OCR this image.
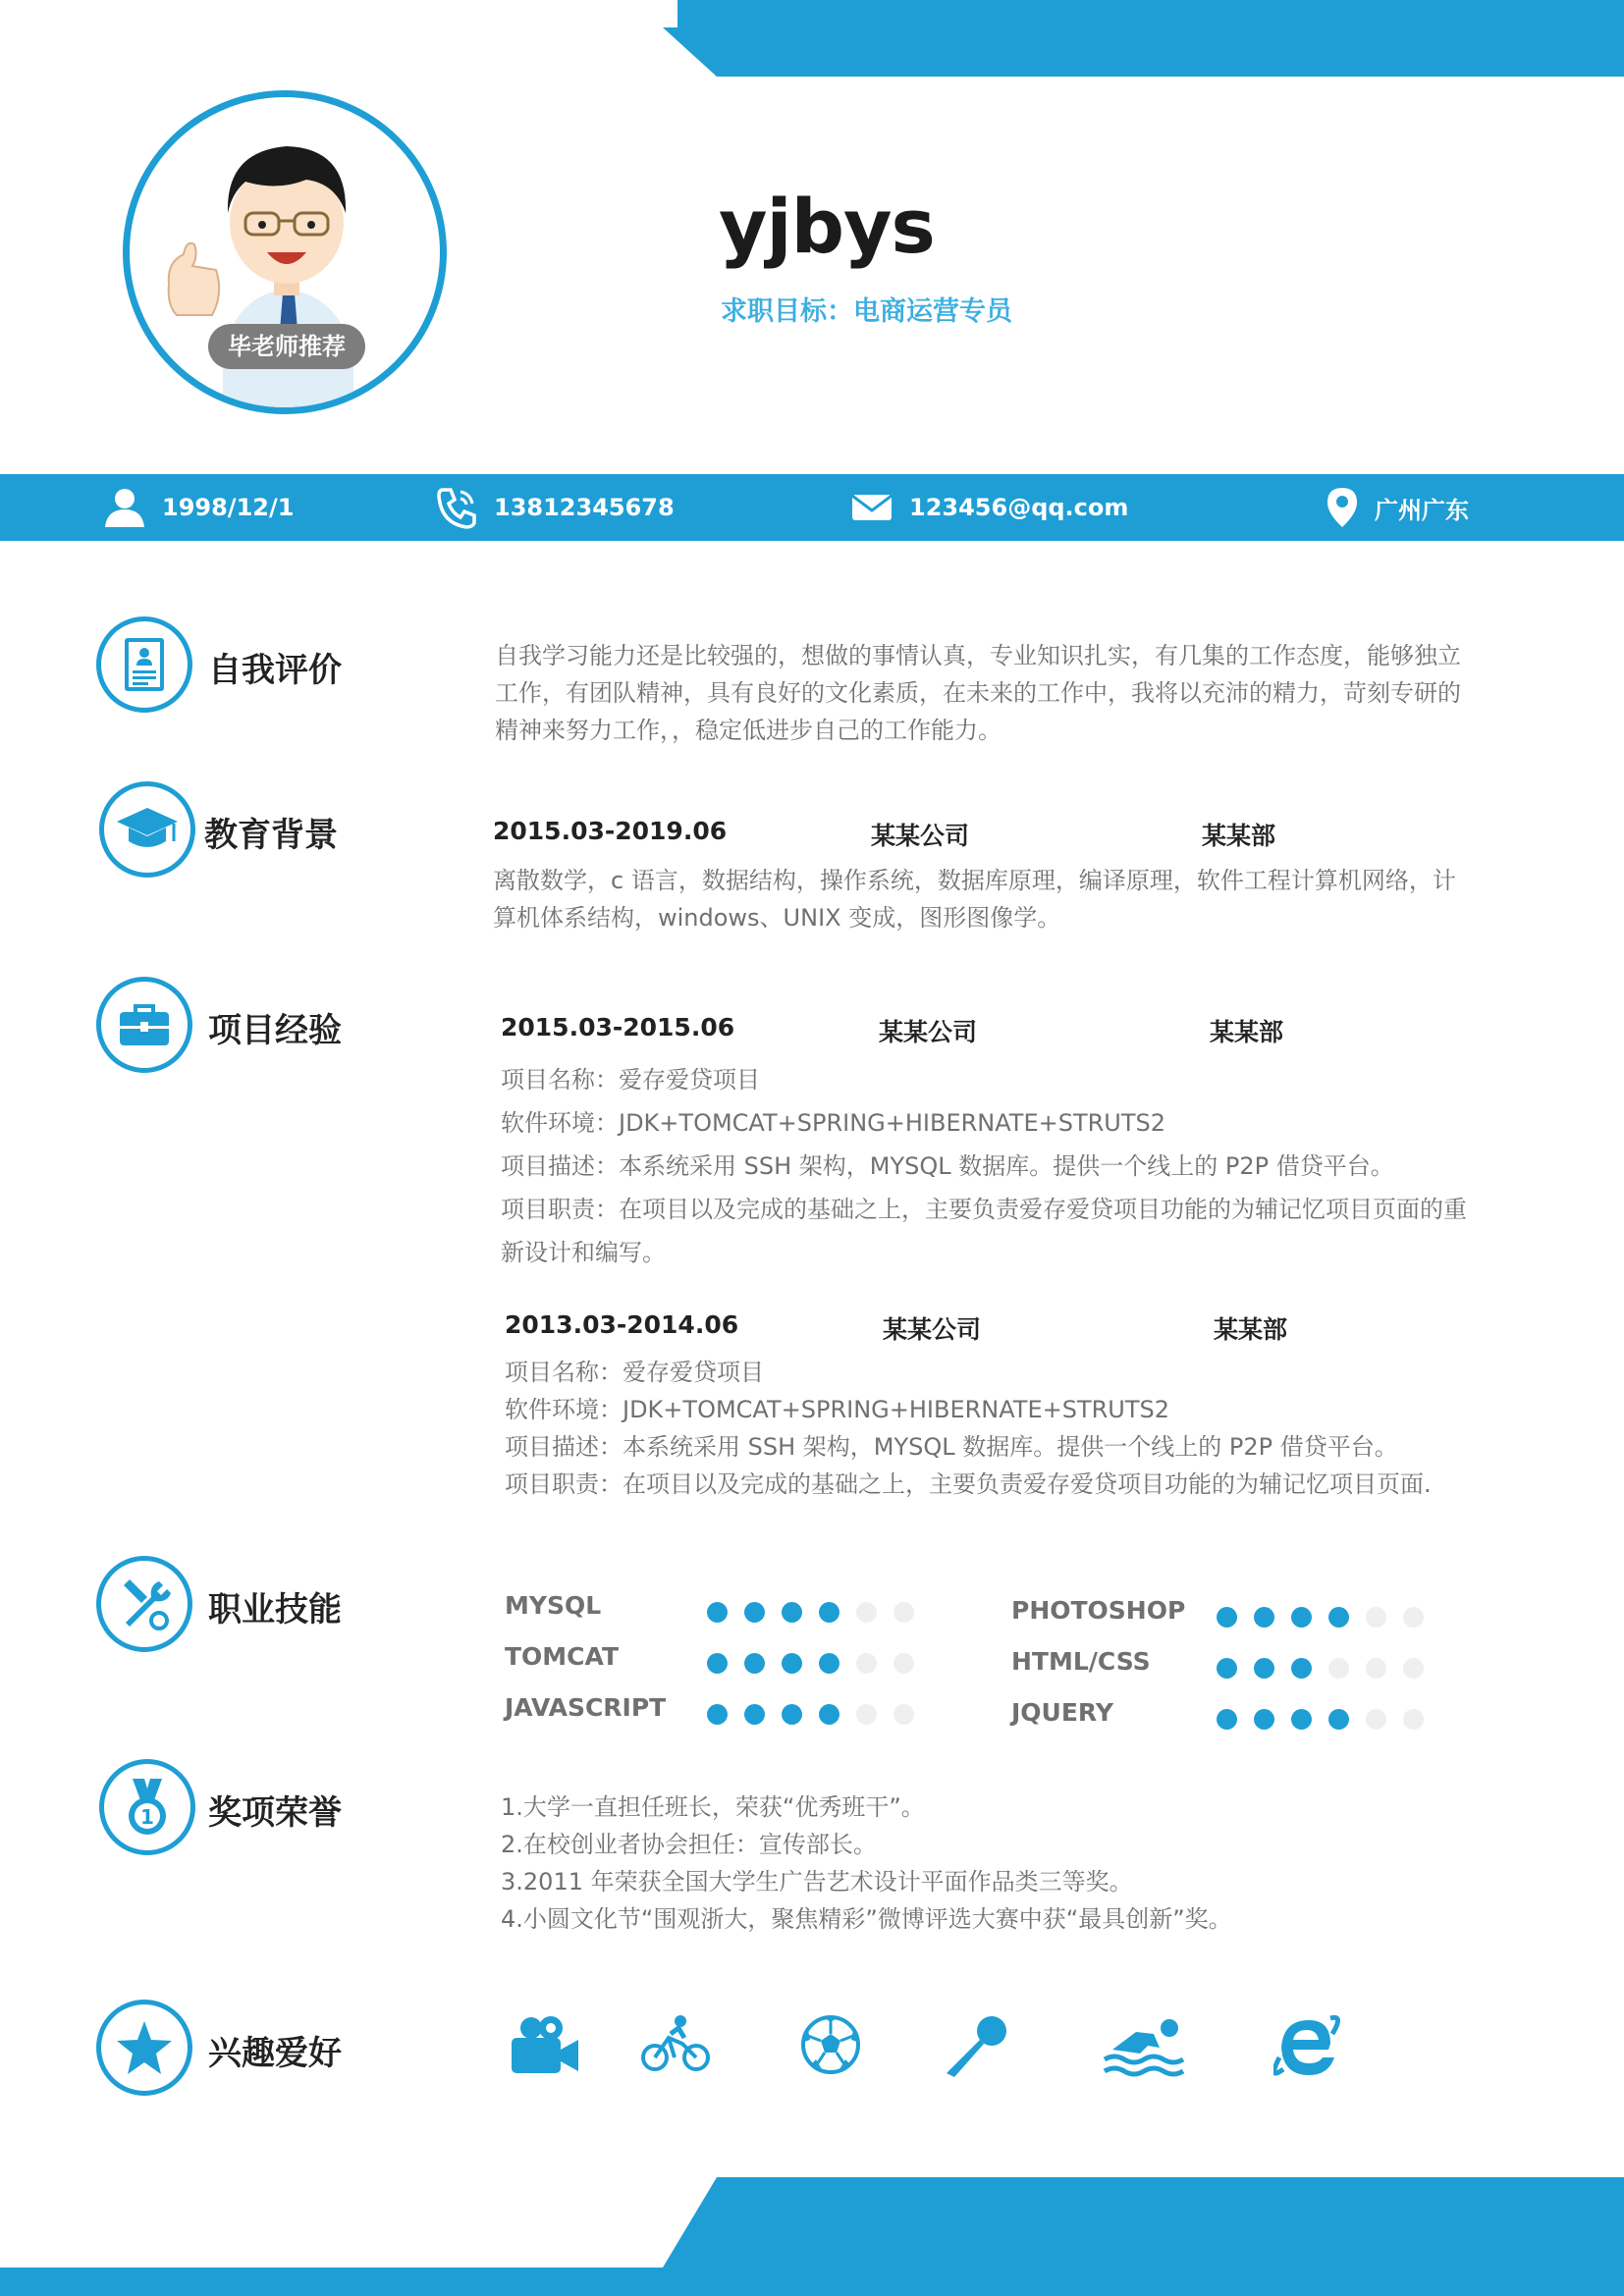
毕老师推荐
yjbys
求职目标：电商运营专员
1998/12/1	13812345678	123456@qq.com	广州广东
自我评价	自我学习能力还是比较强的，想做的事情认真，专业知识扎实，有几集的工作态度，能够独立
工作，有团队精神，具有良好的文化素质，在未来的工作中，我将以充沛的精力，苛刻专研的
精神来努力工作，，稳定低进步自己的工作能力。
教育背景	2015.03-2019.06	某某公司	某某部
离散数学，c 语言，数据结构，操作系统，数据库原理，编译原理，软件工程计算机网络，计
算机体系结构，windows、UNIX 变成，图形图像学。
项目经验	2015.03-2015.06	某某公司	某某部
项目名称：爱存爱贷项目
软件环境：JDK+TOMCAT+SPRING+HIBERNATE+STRUTS2
项目描述：本系统采用 SSH 架构，MYSQL 数据库。提供一个线上的 P2P 借贷平台。
项目职责：在项目以及完成的基础之上，主要负责爱存爱贷项目功能的为辅记忆项目页面的重
新设计和编写。
2013.03-2014.06	某某公司	某某部
项目名称：爱存爱贷项目
软件环境：JDK+TOMCAT+SPRING+HIBERNATE+STRUTS2
项目描述：本系统采用 SSH 架构，MYSQL 数据库。提供一个线上的 P2P 借贷平台。
项目职责：在项目以及完成的基础之上，主要负责爱存爱贷项目功能的为辅记忆项目页面.
职业技能	MYSQL
TOMCAT
JAVASCRIPT
PHOTOSHOP
HTML/CSS
JQUERY
1 奖项荣誉	1.大学一直担任班长，荣获“优秀班干”。
2.在校创业者协会担任：宣传部长。
3.2011 年荣获全国大学生广告艺术设计平面作品类三等奖。
4.小圆文化节“围观浙大，聚焦精彩”微博评选大赛中获“最具创新”奖。
兴趣爱好
